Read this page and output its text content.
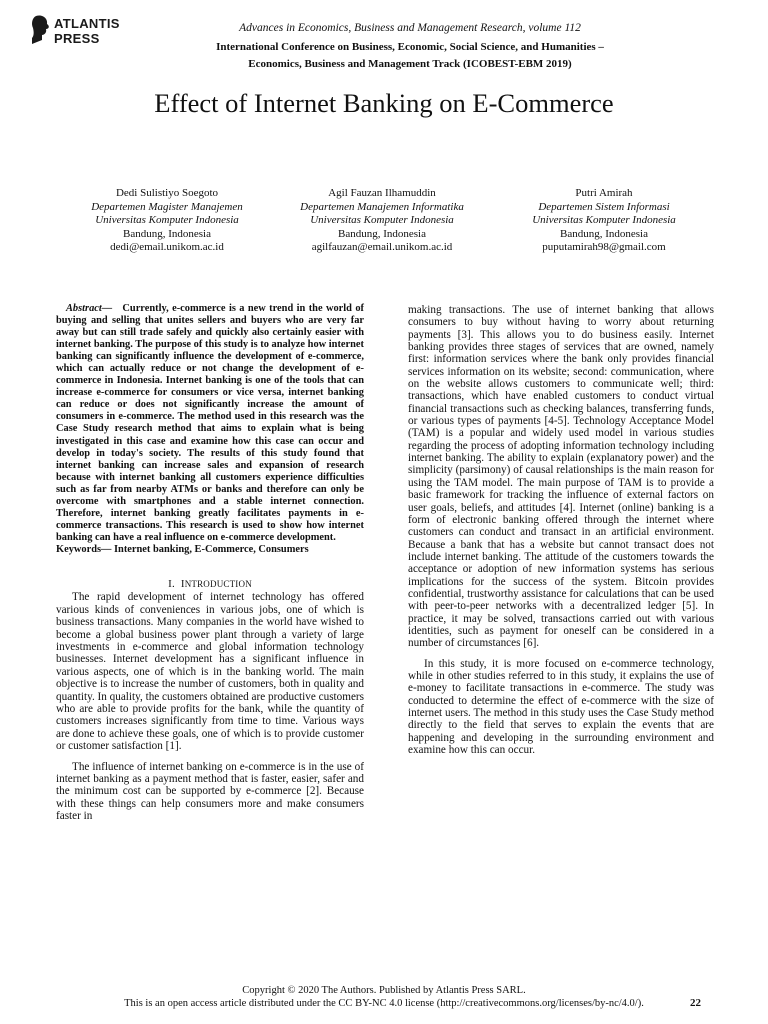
ATLANTIS
PRESS
Advances in Economics, Business and Management Research, volume 112
International Conference on Business, Economic, Social Science, and Humanities –
Economics, Business and Management Track (ICOBEST-EBM 2019)
Effect of Internet Banking on E-Commerce
Dedi Sulistiyo Soegoto
Departemen Magister Manajemen
Universitas Komputer Indonesia
Bandung, Indonesia
dedi@email.unikom.ac.id
Agil Fauzan Ilhamuddin
Departemen Manajemen Informatika
Universitas Komputer Indonesia
Bandung, Indonesia
agilfauzan@email.unikom.ac.id
Putri Amirah
Departemen Sistem Informasi
Universitas Komputer Indonesia
Bandung, Indonesia
puputamirah98@gmail.com
Abstract— Currently, e-commerce is a new trend in the world of buying and selling that unites sellers and buyers who are very far away but can still trade safely and quickly also certainly easier with internet banking. The purpose of this study is to analyze how internet banking can significantly influence the development of e-commerce, which can actually reduce or not change the development of e-commerce in Indonesia. Internet banking is one of the tools that can increase e-commerce for consumers or vice versa, internet banking can reduce or does not significantly increase the amount of consumers in e-commerce. The method used in this research was the Case Study research method that aims to explain what is being investigated in this case and examine how this case can occur and develop in today's society. The results of this study found that internet banking can increase sales and expansion of research because with internet banking all customers experience difficulties such as far from nearby ATMs or banks and therefore can only be overcome with smartphones and a stable internet connection. Therefore, internet banking greatly facilitates payments in e-commerce transactions. This research is used to show how internet banking can have a real influence on e-commerce development.
Keywords— Internet banking, E-Commerce, Consumers
I. INTRODUCTION

The rapid development of internet technology has offered various kinds of conveniences in various jobs, one of which is business transactions. Many companies in the world have wished to become a global business power plant through a variety of large investments in e-commerce and global information technology businesses. Internet development has a significant influence in various aspects, one of which is in the banking world. The main objective is to increase the number of customers, both in quality and quantity. In quality, the customers obtained are productive customers who are able to provide profits for the bank, while the quantity of customers increases significantly from time to time. Various ways are done to achieve these goals, one of which is to provide customer or customer satisfaction [1].

The influence of internet banking on e-commerce is in the use of internet banking as a payment method that is faster, easier, safer and the minimum cost can be supported by e-commerce [2]. Because with these things can help consumers more and make consumers faster in

making transactions. The use of internet banking that allows consumers to buy without having to worry about returning payments [3]. This allows you to do business easily. Internet banking provides three stages of services that are owned, namely first: information services where the bank only provides financial services information on its website; second: communication, where on the website allows customers to communicate well; third: transactions, which have enabled customers to conduct virtual financial transactions such as checking balances, transferring funds, or various types of payments [4-5]. Technology Acceptance Model (TAM) is a popular and widely used model in various studies regarding the process of adopting information technology including internet banking. The ability to explain (explanatory power) and the simplicity (parsimony) of causal relationships is the main reason for using the TAM model. The main purpose of TAM is to provide a basic framework for tracking the influence of external factors on user goals, beliefs, and attitudes [4]. Internet (online) banking is a form of electronic banking offered through the internet where customers can conduct and transact in an artificial environment. Because a bank that has a website but cannot transact does not include internet banking. The attitude of the customers towards the acceptance or adoption of new information systems has serious implications for the success of the system. Bitcoin provides confidential, trustworthy assistance for calculations that can be used with peer-to-peer networks with a decentralized ledger [5]. In practice, it may be solved, transactions carried out with various identities, such as payment for oneself can be considered in a number of circumstances [6].

In this study, it is more focused on e-commerce technology, while in other studies referred to in this study, it explains the use of e-money to facilitate transactions in e-commerce. The study was conducted to determine the effect of e-commerce with the size of internet users. The method in this study uses the Case Study method directly to the field that serves to explain the events that are happening and developing in the surrounding environment and examine how this can occur.

Copyright © 2020 The Authors. Published by Atlantis Press SARL.
This is an open access article distributed under the CC BY-NC 4.0 license (http://creativecommons.org/licenses/by-nc/4.0/).	22
